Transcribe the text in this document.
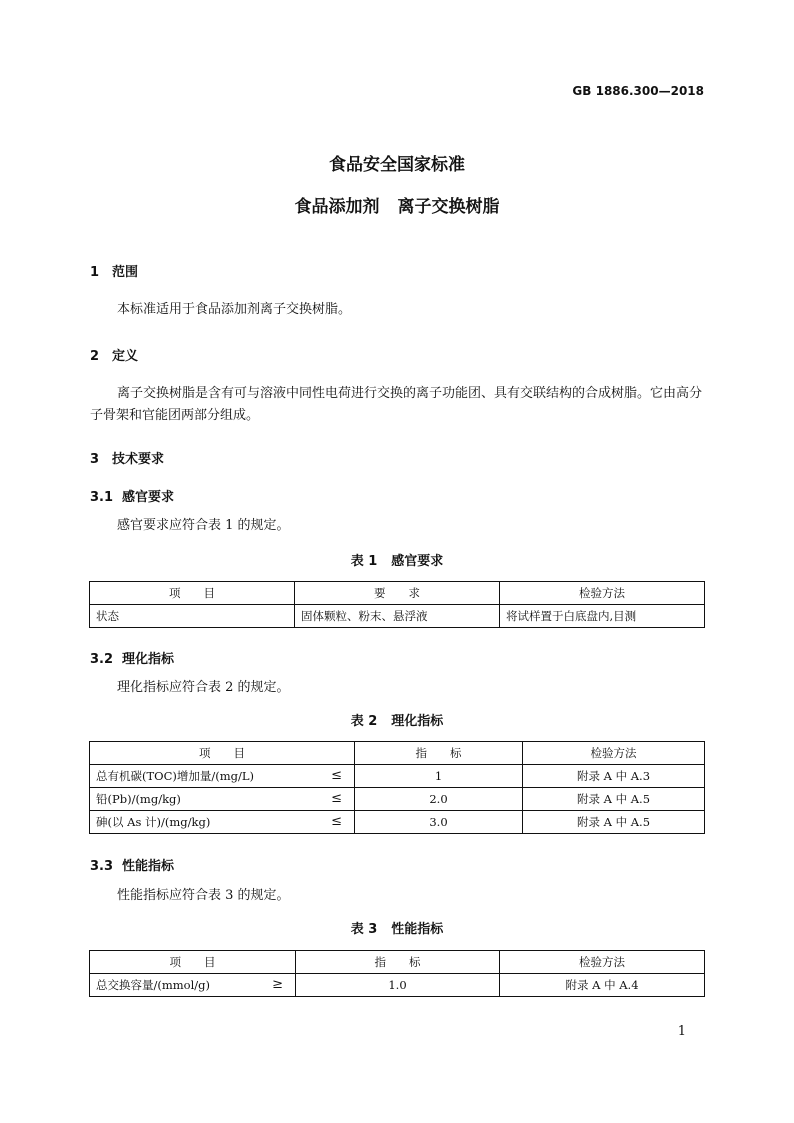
GB 1886.300—2018
食品安全国家标准
食品添加剂 离子交换树脂
1 范围
本标准适用于食品添加剂离子交换树脂。
2 定义
离子交换树脂是含有可与溶液中同性电荷进行交换的离子功能团、具有交联结构的合成树脂。它由高分子骨架和官能团两部分组成。
3 技术要求
3.1 感官要求
感官要求应符合表 1 的规定。
表 1 感官要求
项　　目	要　　求	检验方法
状态	固体颗粒、粉末、悬浮液	将试样置于白底盘内,目测
3.2 理化指标
理化指标应符合表 2 的规定。
表 2 理化指标
项　　目	指　　标	检验方法
总有机碳(TOC)增加量/(mg/L) ≤	1	附录 A 中 A.3
铅(Pb)/(mg/kg) ≤	2.0	附录 A 中 A.5
砷(以 As 计)/(mg/kg) ≤	3.0	附录 A 中 A.5
3.3 性能指标
性能指标应符合表 3 的规定。
表 3 性能指标
项　　目	指　　标	检验方法
总交换容量/(mmol/g) ≥	1.0	附录 A 中 A.4
1
